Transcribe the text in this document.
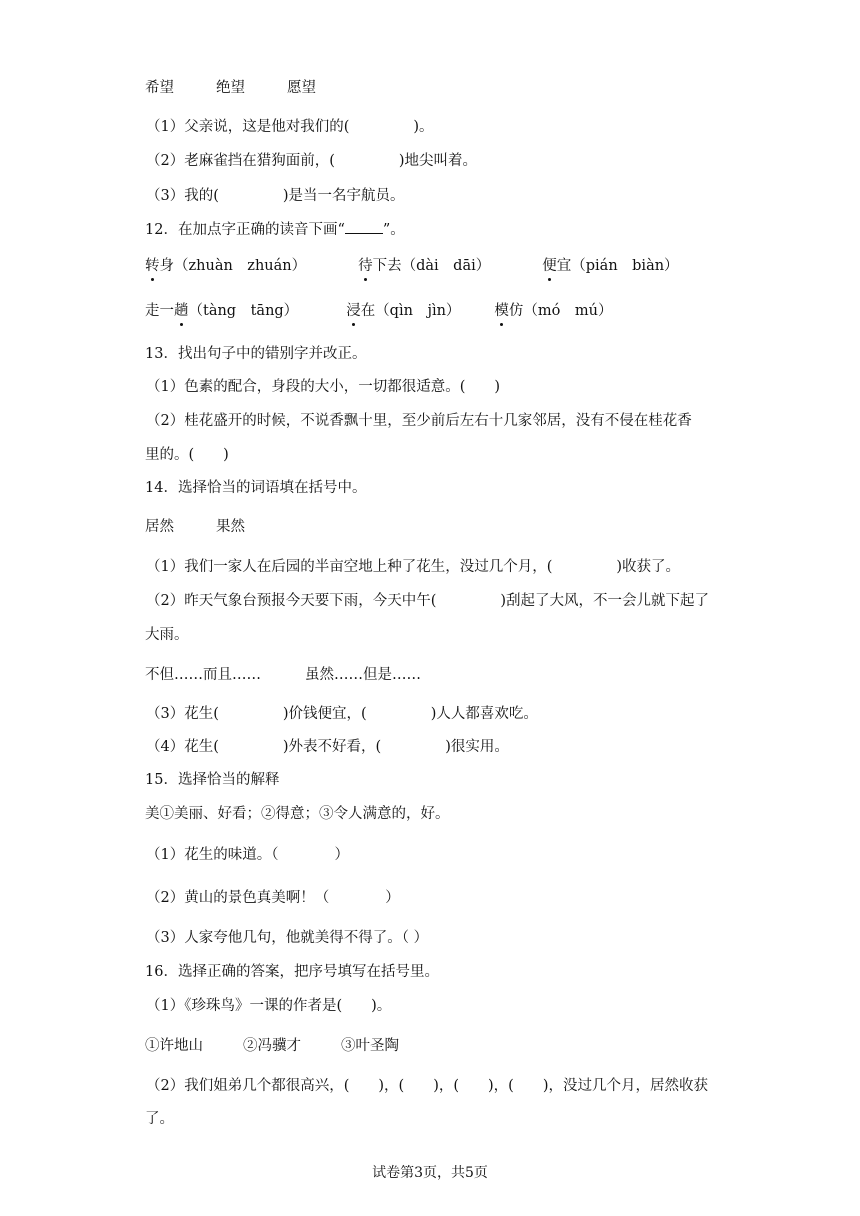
希望	绝望	愿望
（1）父亲说，这是他对我们的(	)。
（2）老麻雀挡在猎狗面前，(	)地尖叫着。
（3）我的(	)是当一名宇航员。
12．在加点字正确的读音下画“	”。
转身（zhuàn　zhuán）	待下去（dài　dāi）	便宜（pián　biàn）
走一趟（tàng　tāng）	浸在（qìn　jìn） 模仿（mó　mú）
13．找出句子中的错别字并改正。
（1）色素的配合，身段的大小，一切都很适意。(　　)
（2）桂花盛开的时候，不说香飘十里，至少前后左右十几家邻居，没有不侵在桂花香
里的。(　　)
14．选择恰当的词语填在括号中。
居然	果然
（1）我们一家人在后园的半亩空地上种了花生，没过几个月，(	)收获了。
（2）昨天气象台预报今天要下雨，今天中午(	)刮起了大风，不一会儿就下起了
大雨。
不但……而且……	虽然……但是……
（3）花生(	)价钱便宜，(	)人人都喜欢吃。
（4）花生(	)外表不好看，(	)很实用。
15．选择恰当的解释
美①美丽、好看；②得意；③令人满意的，好。
（1）花生的味道。（	）
（2）黄山的景色真美啊！（	）
（3）人家夸他几句，他就美得不得了。（ ）
16．选择正确的答案，把序号填写在括号里。
（1）《珍珠鸟》一课的作者是(　　)。
①许地山	②冯骥才	③叶圣陶
（2）我们姐弟几个都很高兴，(　　)，(　　)，(　　)，(　　)，没过几个月，居然收获
了。
试卷第3页，共5页
